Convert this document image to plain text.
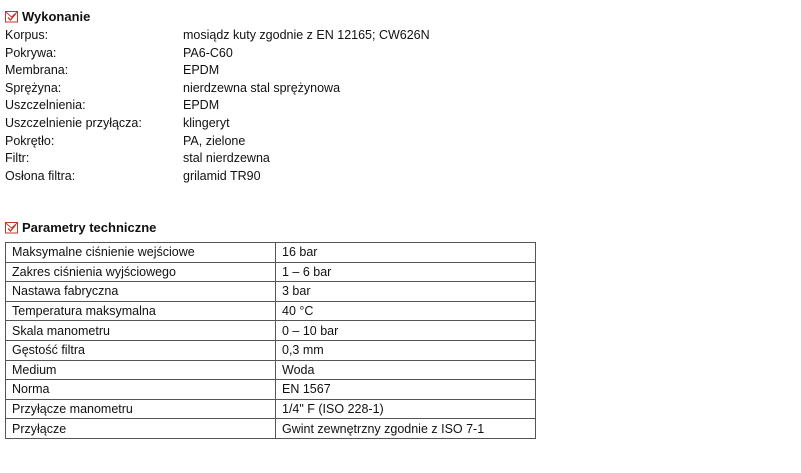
Wykonanie
Korpus:	mosiądz kuty zgodnie z EN 12165; CW626N
Pokrywa:	PA6-C60
Membrana:	EPDM
Sprężyna:	nierdzewna stal sprężynowa
Uszczelnienia:	EPDM
Uszczelnienie przyłącza:	klingeryt
Pokrętło:	PA, zielone
Filtr:	stal nierdzewna
Osłona filtra:	grilamid TR90
Parametry techniczne
Maksymalne ciśnienie wejściowe	16 bar
Zakres ciśnienia wyjściowego	1 – 6 bar
Nastawa fabryczna	3 bar
Temperatura maksymalna	40 °C
Skala manometru	0 – 10 bar
Gęstość filtra	0,3 mm
Medium	Woda
Norma	EN 1567
Przyłącze manometru	1/4" F (ISO 228-1)
Przyłącze	Gwint zewnętrzny zgodnie z ISO 7-1
